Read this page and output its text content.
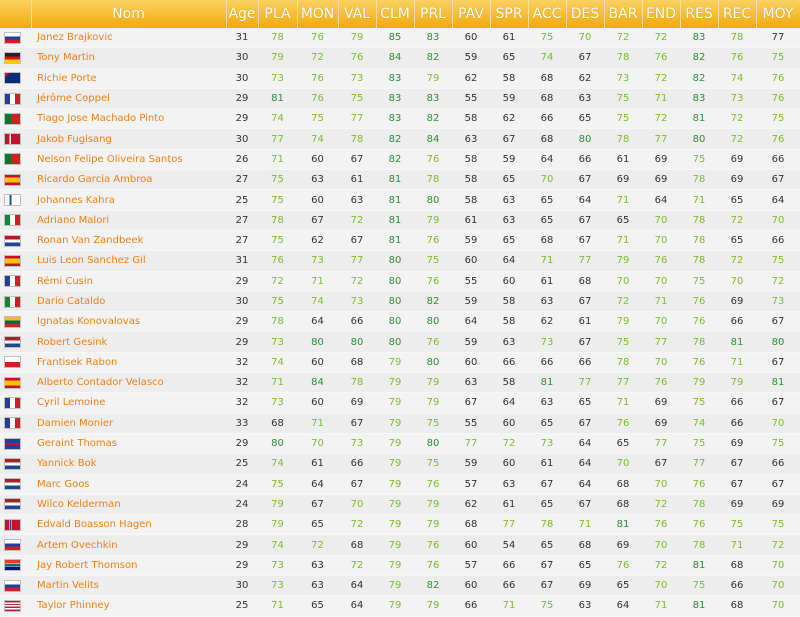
	Nom	Age	PLA	MON	VAL	CLM	PRL	PAV	SPR	ACC	DES	BAR	END	RES	REC	MOY
	Janez Brajkovic	31	78	76	79	85	83	60	61	75	70	72	72	83	78	77
	Tony Martin	30	79	72	76	84	82	59	65	74	67	78	76	82	76	75
	Richie Porte	30	73	76	73	83	79	62	58	68	62	73	72	82	74	76
	Jérôme Coppel	29	81	76	75	83	83	55	59	68	63	75	71	83	73	76
	Tiago Jose Machado Pinto	29	74	75	77	83	82	58	62	66	65	75	72	81	72	75
	Jakob Fuglsang	30	77	74	78	82	84	63	67	68	80	78	77	80	72	76
	Nelson Felipe Oliveira Santos	26	71	60	67	82	76	58	59	64	66	61	69	75	69	66
	Ricardo Garcia Ambroa	27	75	63	61	81	78	58	65	70	67	69	69	78	69	67
	Johannes Kahra	25	75	60	63	81	80	58	63	65	64	71	64	71	65	64
	Adriano Malori	27	78	67	72	81	79	61	63	65	67	65	70	78	72	70
	Ronan Van Zandbeek	27	75	62	67	81	76	59	65	68	67	71	70	78	65	66
	Luis Leon Sanchez Gil	31	76	73	77	80	75	60	64	71	77	79	76	78	72	75
	Rémi Cusin	29	72	71	72	80	76	55	60	61	68	70	70	75	70	72
	Dario Cataldo	30	75	74	73	80	82	59	58	63	67	72	71	76	69	73
	Ignatas Konovalovas	29	78	64	66	80	80	64	58	62	61	79	70	76	66	67
	Robert Gesink	29	73	80	80	80	76	59	63	73	67	75	77	78	81	80
	Frantisek Rabon	32	74	60	68	79	80	60	66	66	66	78	70	76	71	67
	Alberto Contador Velasco	32	71	84	78	79	79	63	58	81	77	77	76	79	79	81
	Cyril Lemoine	32	73	60	69	79	79	67	64	63	65	71	69	75	66	67
	Damien Monier	33	68	71	67	79	75	55	60	65	67	76	69	74	66	70
	Geraint Thomas	29	80	70	73	79	80	77	72	73	64	65	77	75	69	75
	Yannick Bok	25	74	61	66	79	75	59	60	61	64	70	67	77	67	66
	Marc Goos	24	75	64	67	79	76	57	63	67	64	68	70	76	67	67
	Wilco Kelderman	24	79	67	70	79	79	62	61	65	67	68	72	78	69	69
	Edvald Boasson Hagen	28	79	65	72	79	79	68	77	78	71	81	76	76	75	75
	Artem Ovechkin	29	74	72	68	79	76	60	54	65	68	69	70	78	71	72
	Jay Robert Thomson	29	73	63	72	79	76	57	66	67	65	76	72	81	68	70
	Martin Velits	30	73	63	64	79	82	60	66	67	69	65	70	75	66	70
	Taylor Phinney	25	71	65	64	79	79	66	71	75	63	64	71	81	68	70
